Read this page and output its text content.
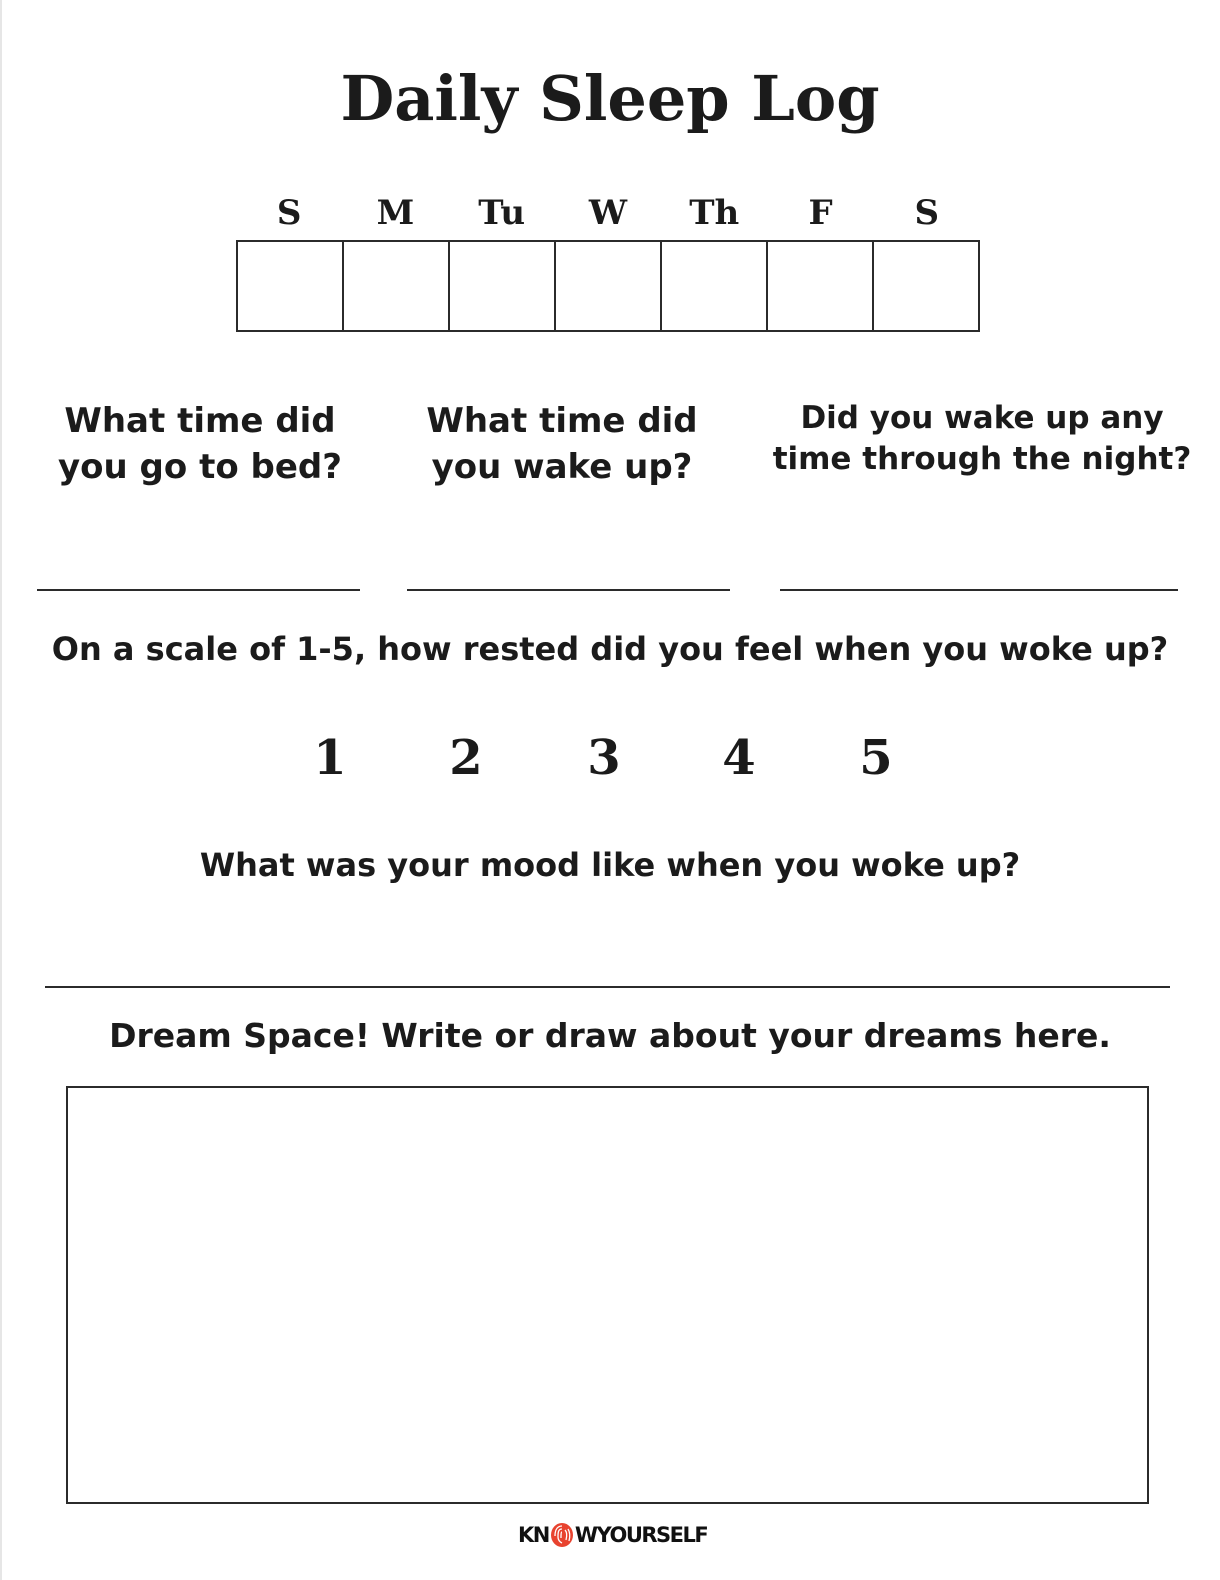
Daily Sleep Log
S	M	Tu	W	Th	F	S
What time did you go to bed?
What time did you wake up?
Did you wake up any time through the night?
On a scale of 1-5, how rested did you feel when you woke up?
1 2 3 4 5
What was your mood like when you woke up?
Dream Space! Write or draw about your dreams here.
KN WYOURSELF
